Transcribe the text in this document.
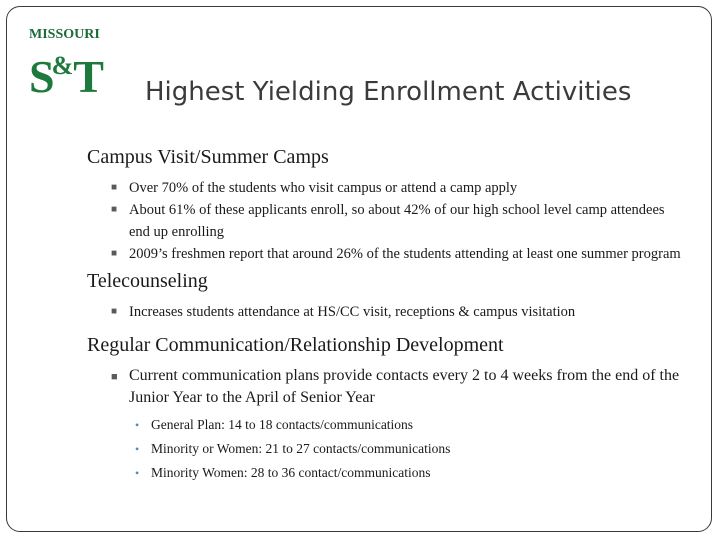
MISSOURI
S&T Highest Yielding Enrollment Activities

Campus Visit/Summer Camps

■ Over 70% of the students who visit campus or attend a camp apply

■ About 61% of these applicants enroll, so about 42% of our high school level camp attendees end up enrolling

■ 2009’s freshmen report that around 26% of the students attending at least one summer program

Telecounseling

■ Increases students attendance at HS/CC visit, receptions & campus visitation

Regular Communication/Relationship Development

■ Current communication plans provide contacts every 2 to 4 weeks from the end of the Junior Year to the April of Senior Year

• General Plan: 14 to 18 contacts/communications

• Minority or Women: 21 to 27 contacts/communications

• Minority Women: 28 to 36 contact/communications
